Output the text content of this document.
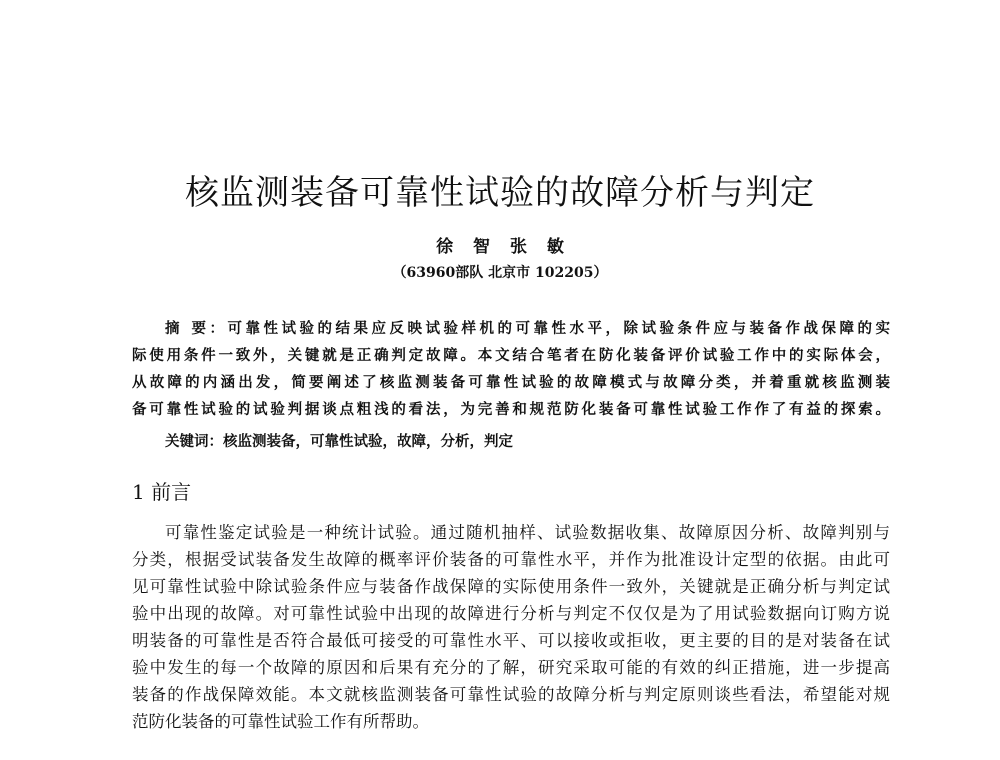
核监测装备可靠性试验的故障分析与判定
徐 智 张 敏
（63960部队 北京市 102205）
摘 要：可靠性试验的结果应反映试验样机的可靠性水平，除试验条件应与装备作战保障的实
际使用条件一致外，关键就是正确判定故障。本文结合笔者在防化装备评价试验工作中的实际体会，
从故障的内涵出发，简要阐述了核监测装备可靠性试验的故障模式与故障分类，并着重就核监测装
备可靠性试验的试验判据谈点粗浅的看法，为完善和规范防化装备可靠性试验工作作了有益的探索。
关键词：核监测装备，可靠性试验，故障，分析，判定
1 前言
可靠性鉴定试验是一种统计试验。通过随机抽样、试验数据收集、故障原因分析、故障判别与
分类，根据受试装备发生故障的概率评价装备的可靠性水平，并作为批准设计定型的依据。由此可
见可靠性试验中除试验条件应与装备作战保障的实际使用条件一致外，关键就是正确分析与判定试
验中出现的故障。对可靠性试验中出现的故障进行分析与判定不仅仅是为了用试验数据向订购方说
明装备的可靠性是否符合最低可接受的可靠性水平、可以接收或拒收，更主要的目的是对装备在试
验中发生的每一个故障的原因和后果有充分的了解，研究采取可能的有效的纠正措施，进一步提高
装备的作战保障效能。本文就核监测装备可靠性试验的故障分析与判定原则谈些看法，希望能对规
范防化装备的可靠性试验工作有所帮助。
